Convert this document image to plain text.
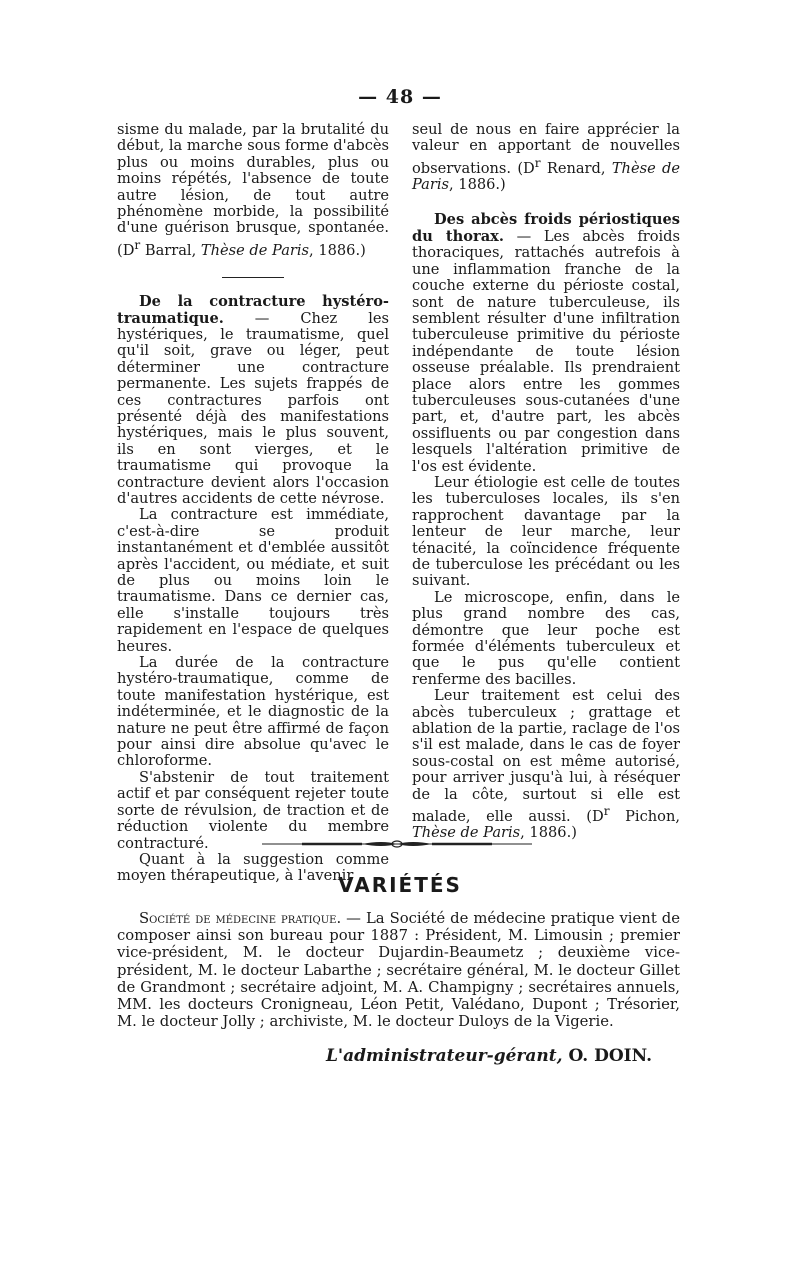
— 48 —

sisme du malade, par la brutalité du début, la marche sous forme d'abcès plus ou moins durables, plus ou moins répétés, l'absence de toute autre lésion, de tout autre phénomène morbide, la possibilité d'une guérison brusque, spontanée. ($D^r$ Barral, Thèse de Paris, 1886.)

De la contracture hystéro-traumatique. — Chez les hystériques, le traumatisme, quel qu'il soit, grave ou léger, peut déterminer une contracture permanente. Les sujets frappés de ces contractures parfois ont présenté déjà des manifestations hystériques, mais le plus souvent, ils en sont vierges, et le traumatisme qui provoque la contracture devient alors l'occasion d'autres accidents de cette névrose.

La contracture est immédiate, c'est-à-dire se produit instantanément et d'emblée aussitôt après l'accident, ou médiate, et suit de plus ou moins loin le traumatisme. Dans ce dernier cas, elle s'installe toujours très rapidement en l'espace de quelques heures.

La durée de la contracture hystéro-traumatique, comme de toute manifestation hystérique, est indéterminée, et le diagnostic de la nature ne peut être affirmé de façon pour ainsi dire absolue qu'avec le chloroforme.

S'abstenir de tout traitement actif et par conséquent rejeter toute sorte de révulsion, de traction et de réduction violente du membre contracturé.

Quant à la suggestion comme moyen thérapeutique, à l'avenir

seul de nous en faire apprécier la valeur en apportant de nouvelles observations. ($D^r$ Renard, Thèse de Paris, 1886.)

Des abcès froids périostiques du thorax. — Les abcès froids thoraciques, rattachés autrefois à une inflammation franche de la couche externe du périoste costal, sont de nature tuberculeuse, ils semblent résulter d'une infiltration tuberculeuse primitive du périoste indépendante de toute lésion osseuse préalable. Ils prendraient place alors entre les gommes tuberculeuses sous-cutanées d'une part, et, d'autre part, les abcès ossifluents ou par congestion dans lesquels l'altération primitive de l'os est évidente.

Leur étiologie est celle de toutes les tuberculoses locales, ils s'en rapprochent davantage par la lenteur de leur marche, leur ténacité, la coïncidence fréquente de tuberculose les précédant ou les suivant.

Le microscope, enfin, dans le plus grand nombre des cas, démontre que leur poche est formée d'éléments tuberculeux et que le pus qu'elle contient renferme des bacilles.

Leur traitement est celui des abcès tuberculeux ; grattage et ablation de la partie, raclage de l'os s'il est malade, dans le cas de foyer sous-costal on est même autorisé, pour arriver jusqu'à lui, à réséquer de la côte, surtout si elle est malade, elle aussi. ($D^r$ Pichon, Thèse de Paris, 1886.)

VARIÉTÉS

Société de médecine pratique. — La Société de médecine pratique vient de composer ainsi son bureau pour 1887 : Président, M. Limousin ; premier vice-président, M. le docteur Dujardin-Beaumetz ; deuxième vice-président, M. le docteur Labarthe ; secrétaire général, M. le docteur Gillet de Grandmont ; secrétaire adjoint, M. A. Champigny ; secrétaires annuels, MM. les docteurs Cronigneau, Léon Petit, Valédano, Dupont ; Trésorier, M. le docteur Jolly ; archiviste, M. le docteur Duloys de la Vigerie.

L'administrateur-gérant, O. DOIN.
